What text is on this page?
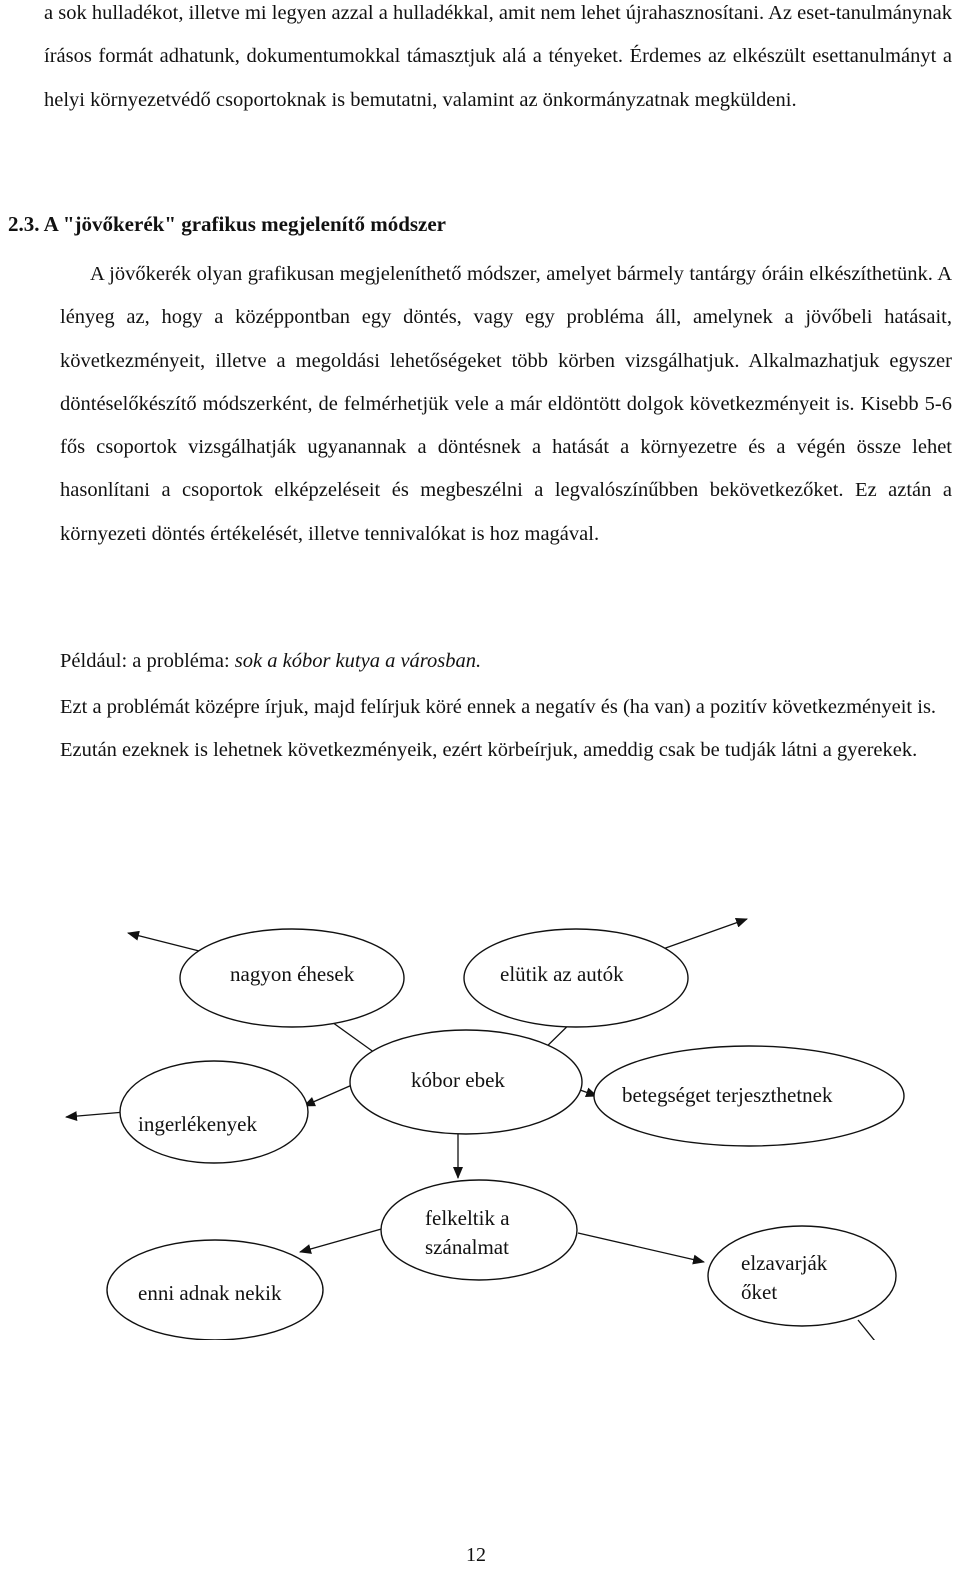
a sok hulladékot, illetve mi legyen azzal a hulladékkal, amit nem lehet újrahasznosítani. Az eset-tanulmánynak írásos formát adhatunk, dokumentumokkal támasztjuk alá a tényeket. Érdemes az elkészült esettanulmányt a helyi környezetvédő csoportoknak is bemutatni, valamint az önkormányzatnak megküldeni.

2.3. A "jövőkerék" grafikus megjelenítő módszer

A jövőkerék olyan grafikusan megjeleníthető módszer, amelyet bármely tantárgy óráin elkészíthetünk. A lényeg az, hogy a középpontban egy döntés, vagy egy probléma áll, amelynek a jövőbeli hatásait, következményeit, illetve a megoldási lehetőségeket több körben vizsgálhatjuk. Alkalmazhatjuk egyszer döntéselőkészítő módszerként, de felmérhetjük vele a már eldöntött dolgok következményeit is. Kisebb 5-6 fős csoportok vizsgálhatják ugyanannak a döntésnek a hatását a környezetre és a végén össze lehet hasonlítani a csoportok elképzeléseit és megbeszélni a legvalószínűbben bekövetkezőket. Ez aztán a környezeti döntés értékelését, illetve tennivalókat is hoz magával.

Például: a probléma: sok a kóbor kutya a városban.

Ezt a problémát középre írjuk, majd felírjuk köré ennek a negatív és (ha van) a pozitív következményeit is. Ezután ezeknek is lehetnek következményeik, ezért körbeírjuk, ameddig csak be tudják látni a gyerekek.

nagyon éhesek	elütik az autók
kóbor ebek
ingerlékenyek
betegséget terjeszthetnek
felkeltik a
szánalmat
enni adnak nekik
elzavarják
őket

12
